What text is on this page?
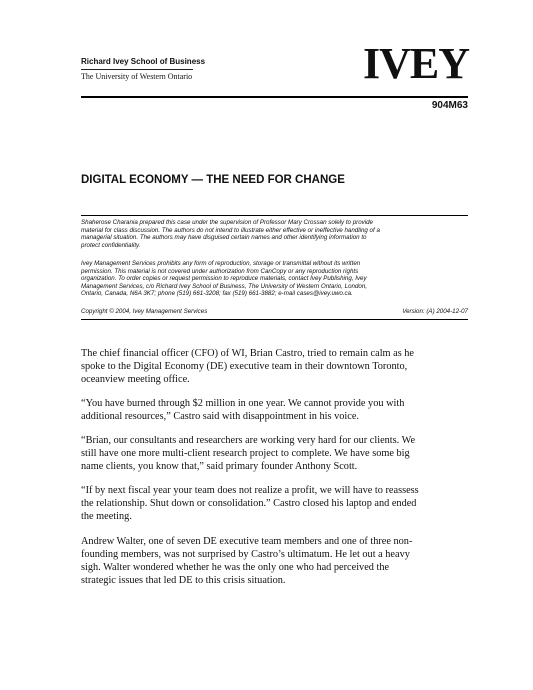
Richard Ivey School of Business
The University of Western Ontario	IVEY
904M63
DIGITAL ECONOMY — THE NEED FOR CHANGE
Shaherose Charania prepared this case under the supervision of Professor Mary Crossan solely to provide
material for class discussion. The authors do not intend to illustrate either effective or ineffective handling of a
managerial situation. The authors may have disguised certain names and other identifying information to
protect confidentiality.
Ivey Management Services prohibits any form of reproduction, storage or transmittal without its written
permission. This material is not covered under authorization from CanCopy or any reproduction rights
organization. To order copies or request permission to reproduce materials, contact Ivey Publishing, Ivey
Management Services, c/o Richard Ivey School of Business, The University of Western Ontario, London,
Ontario, Canada, N6A 3K7; phone (519) 661-3208; fax (519) 661-3882; e-mail cases@ivey.uwo.ca.
Copyright © 2004, Ivey Management Services	Version: (A) 2004-12-07
The chief financial officer (CFO) of WI, Brian Castro, tried to remain calm as he
spoke to the Digital Economy (DE) executive team in their downtown Toronto,
oceanview meeting office.
“You have burned through $2 million in one year. We cannot provide you with
additional resources,” Castro said with disappointment in his voice.
“Brian, our consultants and researchers are working very hard for our clients. We
still have one more multi-client research project to complete. We have some big
name clients, you know that,” said primary founder Anthony Scott.
“If by next fiscal year your team does not realize a profit, we will have to reassess
the relationship. Shut down or consolidation.” Castro closed his laptop and ended
the meeting.
Andrew Walter, one of seven DE executive team members and one of three non-
founding members, was not surprised by Castro’s ultimatum. He let out a heavy
sigh. Walter wondered whether he was the only one who had perceived the
strategic issues that led DE to this crisis situation.
